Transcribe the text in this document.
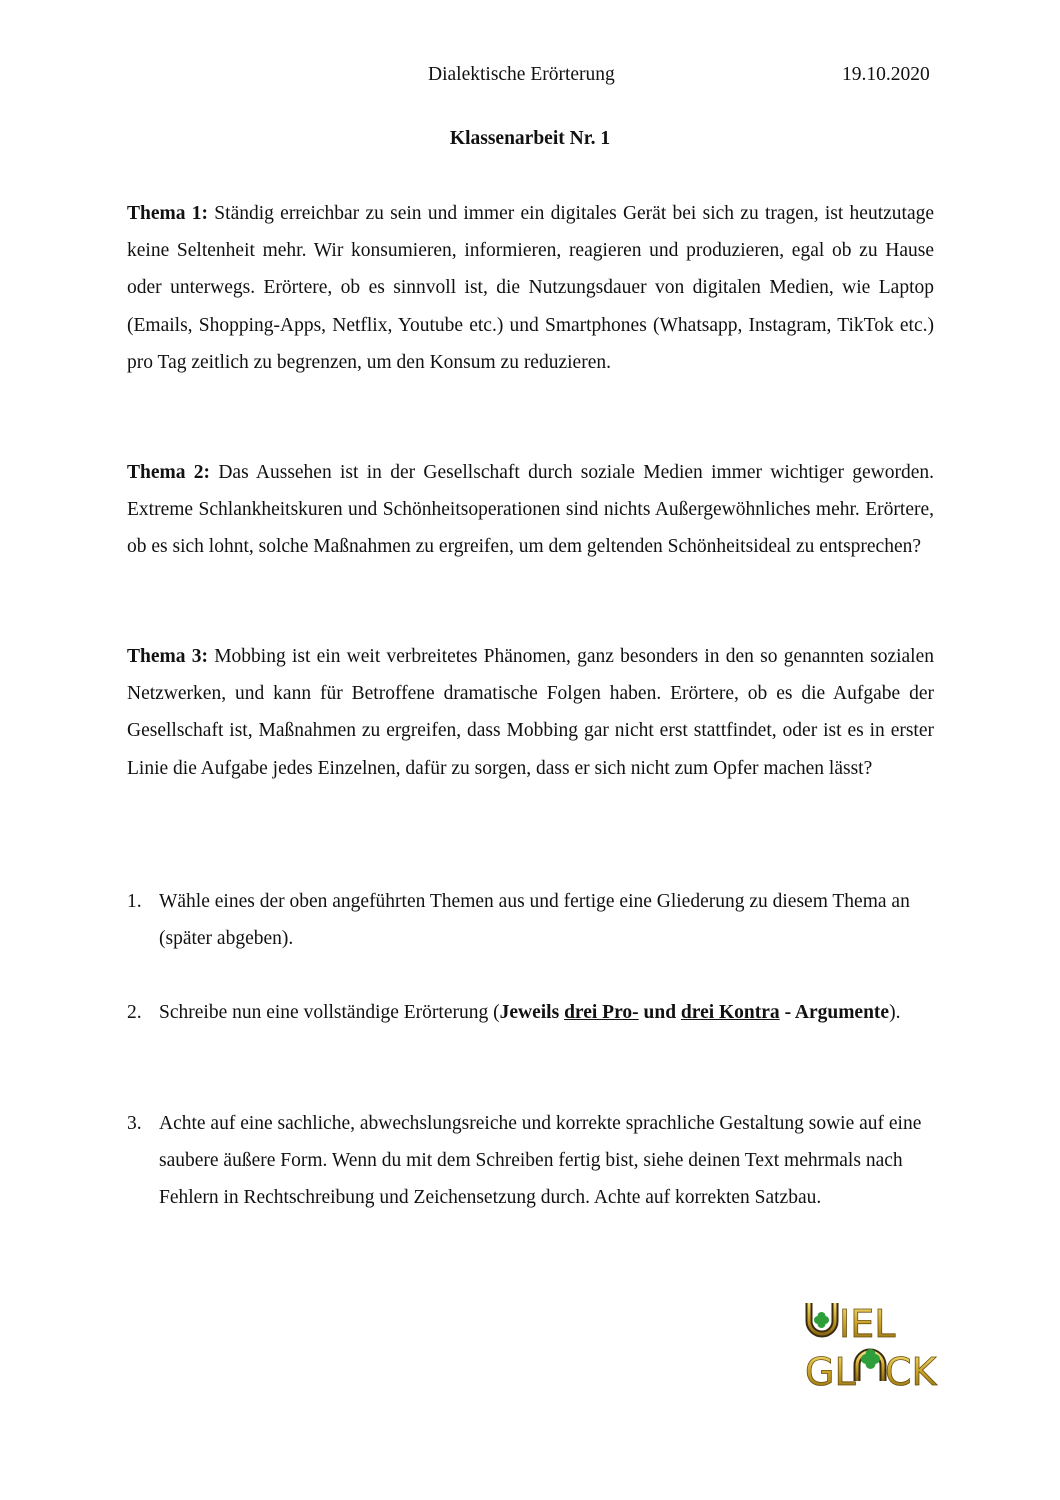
Dialektische Erörterung	19.10.2020
Klassenarbeit Nr. 1
Thema 1: Ständig erreichbar zu sein und immer ein digitales Gerät bei sich zu tragen, ist heutzutage keine Seltenheit mehr. Wir konsumieren, informieren, reagieren und produzieren, egal ob zu Hause oder unterwegs. Erörtere, ob es sinnvoll ist, die Nutzungsdauer von digitalen Medien, wie Laptop (Emails, Shopping-Apps, Netflix, Youtube etc.) und Smartphones (Whatsapp, Instagram, TikTok etc.) pro Tag zeitlich zu begrenzen, um den Konsum zu reduzieren.
Thema 2: Das Aussehen ist in der Gesellschaft durch soziale Medien immer wichtiger geworden. Extreme Schlankheitskuren und Schönheitsoperationen sind nichts Außergewöhnliches mehr. Erörtere, ob es sich lohnt, solche Maßnahmen zu ergreifen, um dem geltenden Schönheitsideal zu entsprechen?
Thema 3: Mobbing ist ein weit verbreitetes Phänomen, ganz besonders in den so genannten sozialen Netzwerken, und kann für Betroffene dramatische Folgen haben. Erörtere, ob es die Aufgabe der Gesellschaft ist, Maßnahmen zu ergreifen, dass Mobbing gar nicht erst stattfindet, oder ist es in erster Linie die Aufgabe jedes Einzelnen, dafür zu sorgen, dass er sich nicht zum Opfer machen lässt?
1. Wähle eines der oben angeführten Themen aus und fertige eine Gliederung zu diesem Thema an (später abgeben).
2. Schreibe nun eine vollständige Erörterung (Jeweils drei Pro- und drei Kontra - Argumente).
3. Achte auf eine sachliche, abwechslungsreiche und korrekte sprachliche Gestaltung sowie auf eine saubere äußere Form. Wenn du mit dem Schreiben fertig bist, siehe deinen Text mehrmals nach Fehlern in Rechtschreibung und Zeichensetzung durch. Achte auf korrekten Satzbau.
IEL
GL CK
